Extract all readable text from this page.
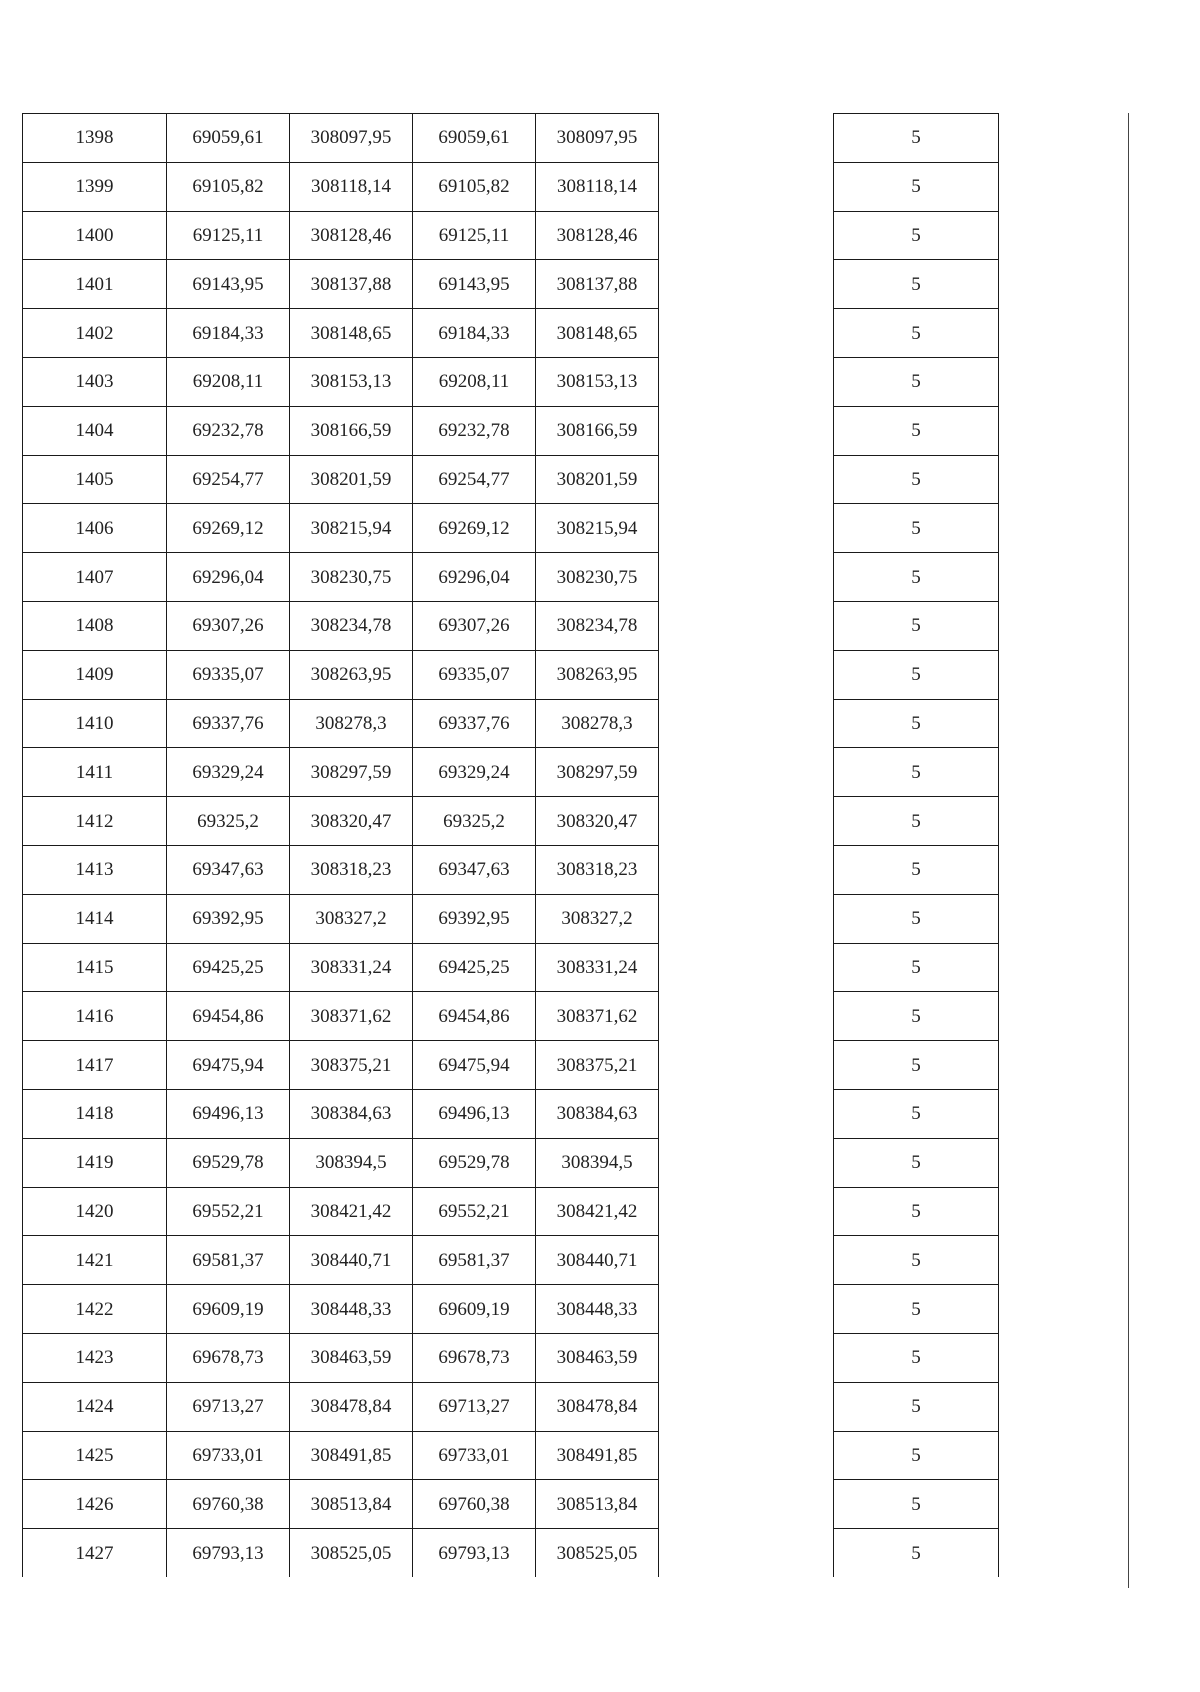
1398	69059,61	308097,95	69059,61	308097,95		5
1399	69105,82	308118,14	69105,82	308118,14		5
1400	69125,11	308128,46	69125,11	308128,46		5
1401	69143,95	308137,88	69143,95	308137,88		5
1402	69184,33	308148,65	69184,33	308148,65		5
1403	69208,11	308153,13	69208,11	308153,13		5
1404	69232,78	308166,59	69232,78	308166,59		5
1405	69254,77	308201,59	69254,77	308201,59		5
1406	69269,12	308215,94	69269,12	308215,94		5
1407	69296,04	308230,75	69296,04	308230,75		5
1408	69307,26	308234,78	69307,26	308234,78		5
1409	69335,07	308263,95	69335,07	308263,95		5
1410	69337,76	308278,3	69337,76	308278,3		5
1411	69329,24	308297,59	69329,24	308297,59		5
1412	69325,2	308320,47	69325,2	308320,47		5
1413	69347,63	308318,23	69347,63	308318,23		5
1414	69392,95	308327,2	69392,95	308327,2		5
1415	69425,25	308331,24	69425,25	308331,24		5
1416	69454,86	308371,62	69454,86	308371,62		5
1417	69475,94	308375,21	69475,94	308375,21		5
1418	69496,13	308384,63	69496,13	308384,63		5
1419	69529,78	308394,5	69529,78	308394,5		5
1420	69552,21	308421,42	69552,21	308421,42		5
1421	69581,37	308440,71	69581,37	308440,71		5
1422	69609,19	308448,33	69609,19	308448,33		5
1423	69678,73	308463,59	69678,73	308463,59		5
1424	69713,27	308478,84	69713,27	308478,84		5
1425	69733,01	308491,85	69733,01	308491,85		5
1426	69760,38	308513,84	69760,38	308513,84		5
1427	69793,13	308525,05	69793,13	308525,05		5
